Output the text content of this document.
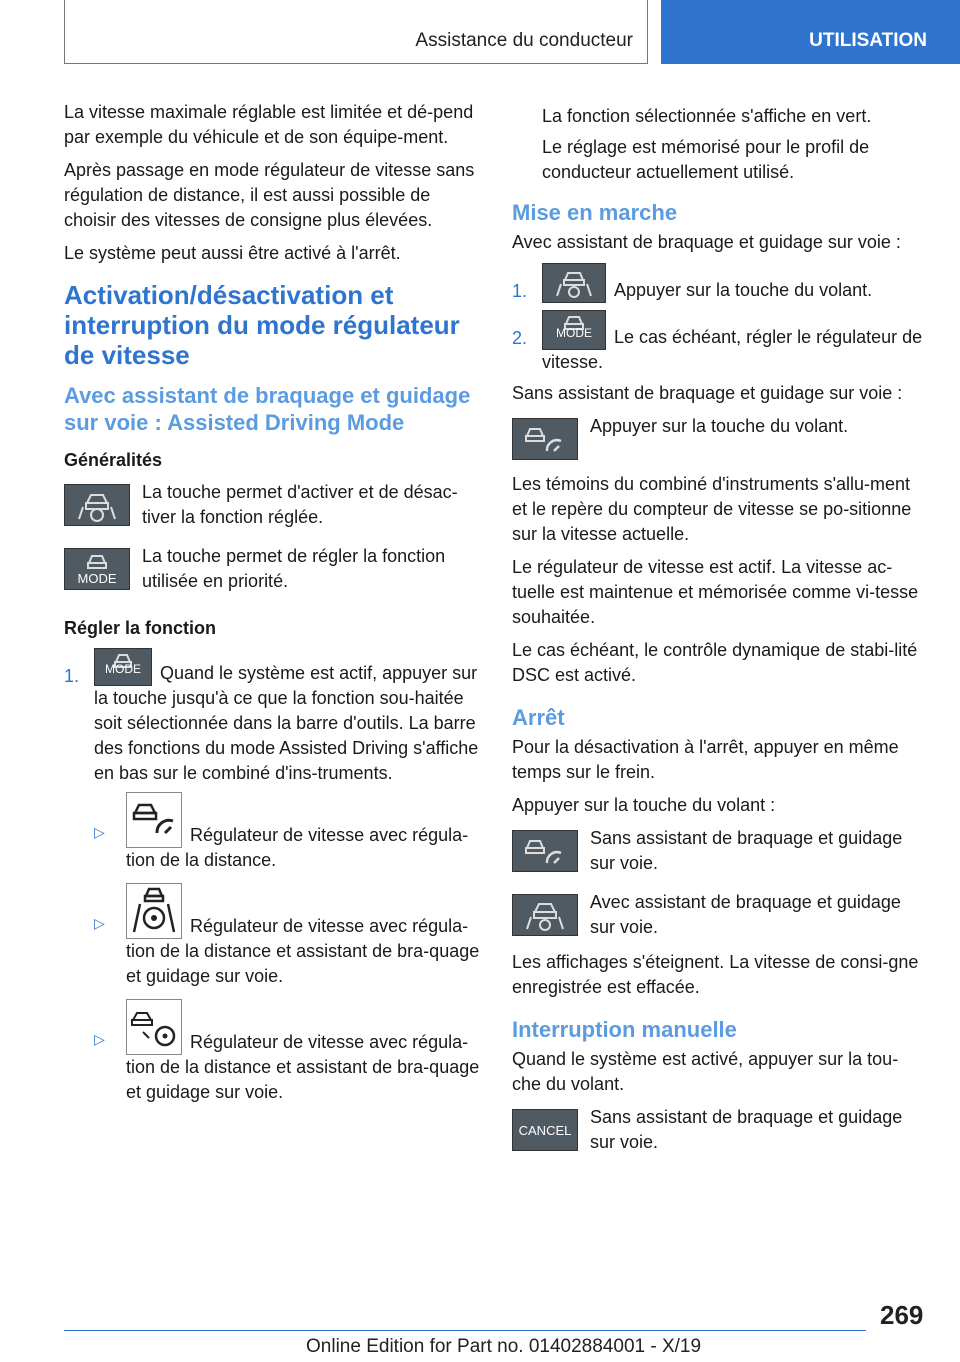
Assistance du conducteur	UTILISATION

La vitesse maximale réglable est limitée et dé‐pend par exemple du véhicule et de son équipe‐ment.

Après passage en mode régulateur de vitesse sans régulation de distance, il est aussi possible de choisir des vitesses de consigne plus élevées.

Le système peut aussi être activé à l'arrêt.

Activation/désactivation et interruption du mode régulateur de vitesse
Avec assistant de braquage et guidage sur voie : Assisted Driving Mode
Généralités
La touche permet d'activer et de désac‐tiver la fonction réglée.
MODE
La touche permet de régler la fonction utilisée en priorité.
Régler la fonction
1.	MODE	Quand le système est actif, appuyer sur la touche jusqu'à ce que la fonction sou‐haitée soit sélectionnée dans la barre d'outils. La barre des fonctions du mode Assisted Driving s'affiche en bas sur le combiné d'ins‐truments.
▷	Régulateur de vitesse avec régula‐tion de la distance.
▷	Régulateur de vitesse avec régula‐tion de la distance et assistant de bra‐quage et guidage sur voie.
▷	Régulateur de vitesse avec régula‐tion de la distance et assistant de bra‐quage et guidage sur voie.

La fonction sélectionnée s'affiche en vert.

Le réglage est mémorisé pour le profil de conducteur actuellement utilisé.

Mise en marche

Avec assistant de braquage et guidage sur voie :

1.	Appuyer sur la touche du volant.
2.	MODE	Le cas échéant, régler le régulateur de vitesse.

Sans assistant de braquage et guidage sur voie :

Appuyer sur la touche du volant.

Les témoins du combiné d'instruments s'allu‐ment et le repère du compteur de vitesse se po‐sitionne sur la vitesse actuelle.

Le régulateur de vitesse est actif. La vitesse ac‐tuelle est maintenue et mémorisée comme vi‐tesse souhaitée.

Le cas échéant, le contrôle dynamique de stabi‐lité DSC est activé.

Arrêt

Pour la désactivation à l'arrêt, appuyer en même temps sur le frein.

Appuyer sur la touche du volant :

Sans assistant de braquage et guidage sur voie.
Avec assistant de braquage et guidage sur voie.

Les affichages s'éteignent. La vitesse de consi‐gne enregistrée est effacée.

Interruption manuelle

Quand le système est activé, appuyer sur la tou‐che du volant.

CANCEL
Sans assistant de braquage et guidage sur voie.
269
Online Edition for Part no. 01402884001 - X/19
